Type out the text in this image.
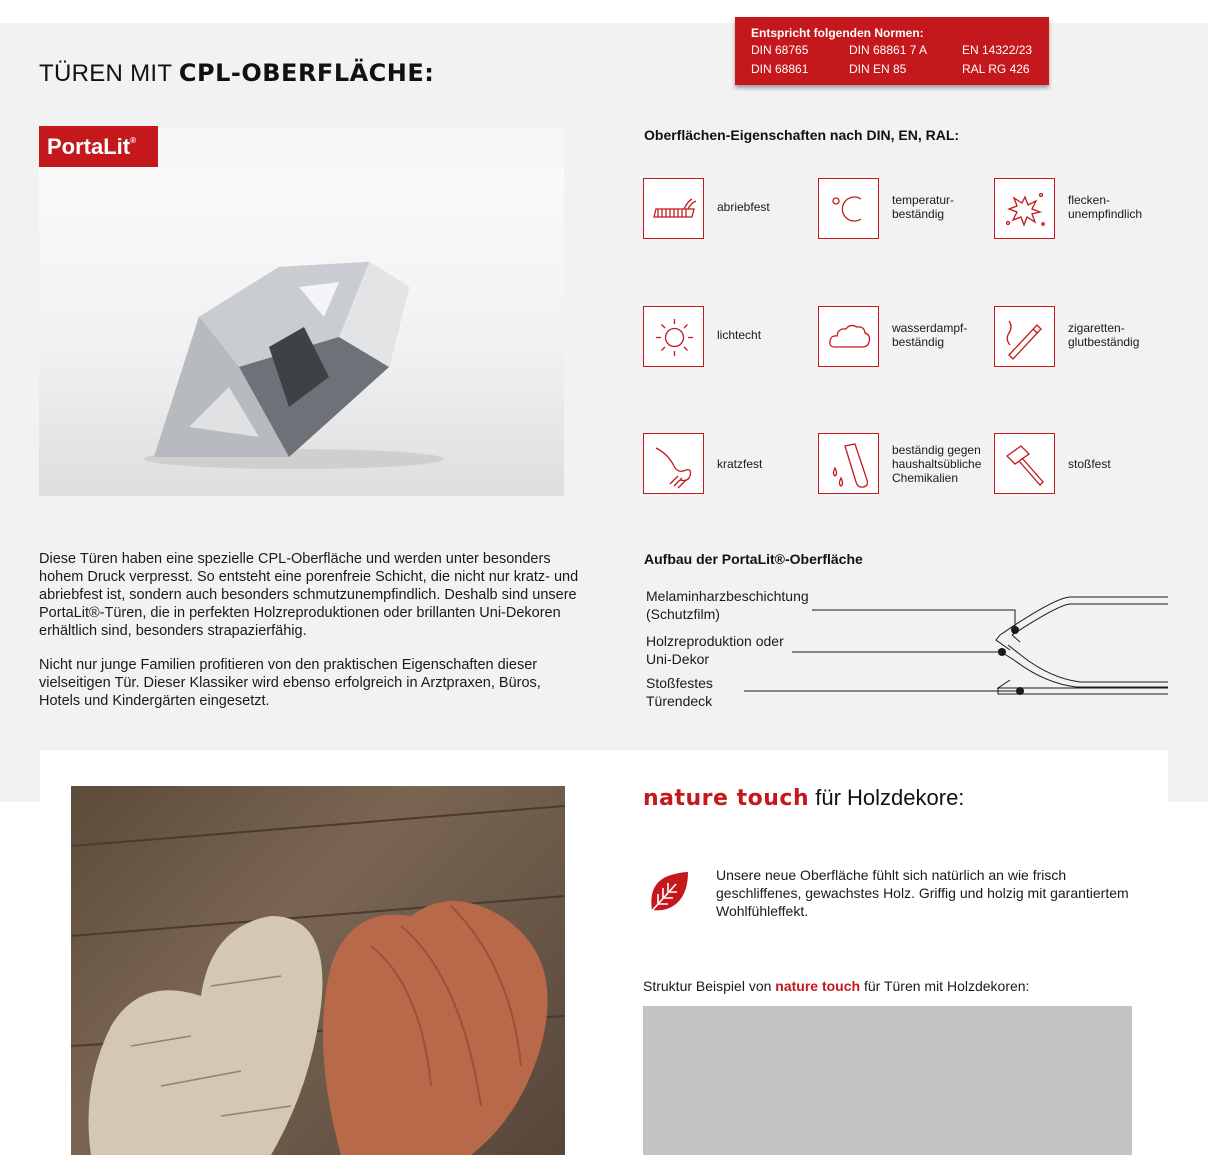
Entspricht folgenden Normen:
DIN 68765	DIN 68861 7 A	EN 14322/23
DIN 68861	DIN EN 85	RAL RG 426
TÜREN MIT CPL-OBERFLÄCHE:
PortaLit®	Oberflächen-Eigenschaften nach DIN, EN, RAL:
abriebfest	temperatur-
beständig
flecken-
unempfindlich
lichtecht	wasserdampf-
beständig
zigaretten-
glutbeständig
kratzfest
beständig gegen
haushaltsübliche
Chemikalien
stoßfest
Diese Türen haben eine spezielle CPL-Oberfläche und werden unter besonders hohem Druck verpresst. So entsteht eine porenfreie Schicht, die nicht nur kratz- und abriebfest ist, sondern auch besonders schmutzunempfindlich. Deshalb sind unsere PortaLit®-Türen, die in perfekten Holzreproduktionen oder brillanten Uni-Dekoren erhältlich sind, besonders strapazierfähig.
Nicht nur junge Familien profitieren von den praktischen Eigenschaften dieser vielseitigen Tür. Dieser Klassiker wird ebenso erfolgreich in Arztpraxen, Büros, Hotels und Kindergärten eingesetzt.
Aufbau der PortaLit®-Oberfläche
Melaminharzbeschichtung
(Schutzfilm)
Holzreproduktion oder
Uni-Dekor
Stoßfestes
Türendeck
nature touch für Holzdekore:
Unsere neue Oberfläche fühlt sich natürlich an wie frisch geschliffenes, gewachstes Holz. Griffig und holzig mit garantiertem Wohlfühleffekt.
Struktur Beispiel von nature touch für Türen mit Holzdekoren:
